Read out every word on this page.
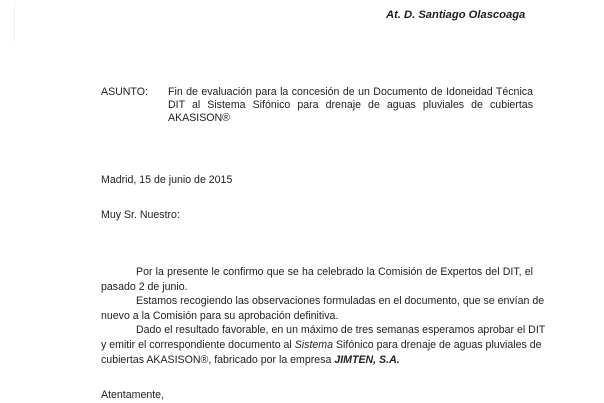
At. D. Santiago Olascoaga
ASUNTO: Fin de evaluación para la concesión de un Documento de Idoneidad Técnica
DIT al Sistema Sifónico para drenaje de aguas pluviales de cubiertas
AKASISON®
Madrid, 15 de junio de 2015
Muy Sr. Nuestro:
Por la presente le confirmo que se ha celebrado la Comisión de Expertos del DIT, el
pasado 2 de junio.
Estamos recogiendo las observaciones formuladas en el documento, que se envían de
nuevo a la Comisión para su aprobación definitiva.
Dado el resultado favorable, en un máximo de tres semanas esperamos aprobar el DIT
y emitir el correspondiente documento al Sistema Sifónico para drenaje de aguas pluviales de
cubiertas AKASISON®, fabricado por la empresa JIMTEN, S.A.
Atentamente,
